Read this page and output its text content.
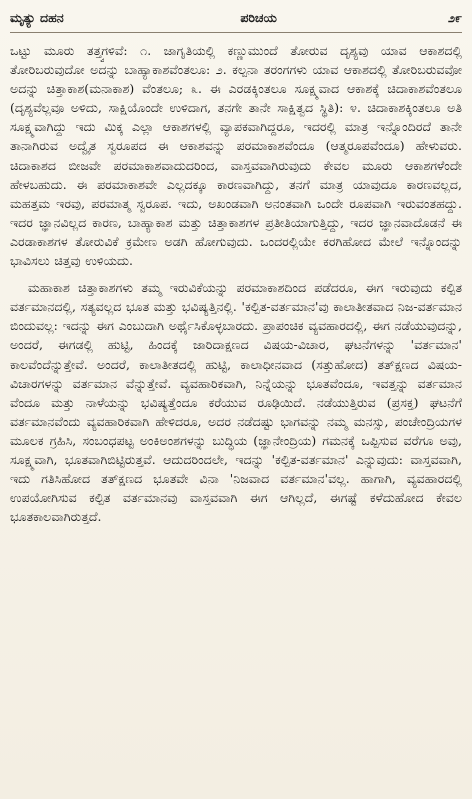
ಮೃತ್ಯು ದಹನ	ಪರಿಚಯ	೨೯

ಒಟ್ಟು ಮೂರು ತತ್ತ್ವಗಳಿವೆ: ೧. ಜಾಗೃತಿಯಲ್ಲಿ ಕಣ್ಣುಮುಂದೆ ತೋರುವ ದೃಶ್ಯವು ಯಾವ ಆಕಾಶದಲ್ಲಿ ತೋರಿಬರುವುದೋ ಅದನ್ನು ಬಾಹ್ಯಾಕಾಶವೆಂತಲೂ: ೨. ಕಲ್ಪನಾ ತರಂಗಗಳು ಯಾವ ಆಕಾಶದಲ್ಲಿ ತೋರಿಬರುವವೋ ಅದನ್ನು ಚಿತ್ತಾಕಾಶ(ಮನಾಕಾಶ) ವೆಂತಲೂ; ೩. ಈ ಎರಡಕ್ಕಿಂತಲೂ ಸೂಕ್ಷ್ಮವಾದ ಆಕಾಶಕ್ಕೆ ಚಿದಾಕಾಶವೆಂತಲೂ (ದೃಶ್ಯವೆಲ್ಲವೂ ಅಳಿದು, ಸಾಕ್ಷಿಯೊಂದೇ ಉಳಿದಾಗ, ತನಗೇ ತಾನೇ ಸಾಕ್ಷಿತ್ವದ ಸ್ಥಿತಿ): ೪. ಚಿದಾಕಾಶಕ್ಕಿಂತಲೂ ಅತಿ ಸೂಕ್ಷ್ಮವಾಗಿದ್ದು ಇದು ಮಿಕ್ಕ ಎಲ್ಲಾ ಆಕಾಶಗಳಲ್ಲಿ ವ್ಯಾಪಕವಾಗಿದ್ದರೂ, ಇದರಲ್ಲಿ ಮಾತ್ರ ಇನ್ನೊಂದಿರದೆ ತಾನೇ ತಾನಾಗಿರುವ ಅದ್ವೈತ ಸ್ವರೂಪದ ಈ ಆಕಾಶವನ್ನು ಪರಮಾಕಾಶವೆಂದೂ (ಆತ್ಮರೂಪವೆಂದೂ) ಹೇಳುವರು. ಚಿದಾಕಾಶದ ಬೀಜವೇ ಪರಮಾಕಾಶವಾದುದರಿಂದ, ವಾಸ್ತವವಾಗಿರುವುದು ಕೇವಲ ಮೂರು ಆಕಾಶಗಳೆಂದೇ ಹೇಳಬಹುದು. ಈ ಪರಮಾಕಾಶವೇ ಎಲ್ಲದಕ್ಕೂ ಕಾರಣವಾಗಿದ್ದು, ತನಗೆ ಮಾತ್ರ ಯಾವುದೂ ಕಾರಣವಲ್ಲದ, ಮಹತ್ತಮ ಇರವು, ಪರಮಾತ್ಮ ಸ್ವರೂಪ. ಇದು, ಅಖಂಡವಾಗಿ ಅನಂತವಾಗಿ ಒಂದೇ ರೂಪವಾಗಿ ಇರುವಂತಹದ್ದು. ಇದರ ಜ್ಞಾನವಿಲ್ಲದ ಕಾರಣ, ಬಾಹ್ಯಾಕಾಶ ಮತ್ತು ಚಿತ್ತಾಕಾಶಗಳ ಪ್ರತೀತಿಯಾಗುತ್ತಿದ್ದು, ಇದರ ಜ್ಞಾನವಾದೊಡನೆ ಈ ಎರಡಾಕಾಶಗಳ ತೋರುವಿಕೆ ಕ್ರಮೇಣ ಅಡಗಿ ಹೋಗುವುದು. ಒಂದರಲ್ಲಿಯೇ ಕರಗಿಹೋದ ಮೇಲೆ ಇನ್ನೊಂದನ್ನು ಭಾವಿಸಲು ಚಿತ್ತವು ಉಳಿಯದು.

ಮಹಾಕಾಶ ಚಿತ್ತಾಕಾಶಗಳು ತಮ್ಮ ಇರುವಿಕೆಯನ್ನು ಪರಮಾಕಾಶದಿಂದ ಪಡೆದರೂ, ಈಗ ಇರುವುದು ಕಲ್ಪಿತ ವರ್ತಮಾನದಲ್ಲಿ, ಸತ್ಯವಲ್ಲದ ಭೂತ ಮತ್ತು ಭವಿಷ್ಯತ್ತಿನಲ್ಲಿ. 'ಕಲ್ಪಿತ-ವರ್ತಮಾನ'ವು ಕಾಲಾತೀತವಾದ ನಿಜ-ವರ್ತಮಾನ ಬಿಂದುವಲ್ಲ: ಇದನ್ನು ಈಗ ಎಂಬುದಾಗಿ ಅರ್ಥೈಸಿಕೊಳ್ಳಬಾರದು. ಪ್ರಾಪಂಚಿಕ ವ್ಯವಹಾರದಲ್ಲಿ, ಈಗ ನಡೆಯುವುದನ್ನು, ಅಂದರೆ, ಈಗಡಲ್ಲಿ ಹುಟ್ಟಿ, ಹಿಂದಕ್ಕೆ ಜಾರಿದಾಕ್ಷಣದ ವಿಷಯ-ವಿಚಾರ, ಘಟನೆಗಳನ್ನು 'ವರ್ತಮಾನ' ಕಾಲವೆಂದೆನ್ನುತ್ತೇವೆ. ಅಂದರೆ, ಕಾಲಾತೀತದಲ್ಲಿ ಹುಟ್ಟಿ, ಕಾಲಾಧೀನವಾದ (ಸತ್ತುಹೋದ) ತತ್‌ಕ್ಷಣದ ವಿಷಯ-ವಿಚಾರಗಳನ್ನು ವರ್ತಮಾನ ವೆನ್ನುತ್ತೇವೆ. ವ್ಯವಹಾರಿಕವಾಗಿ, ನಿನ್ನೆಯನ್ನು ಭೂತವೆಂದೂ, ಇವತ್ತನ್ನು ವರ್ತಮಾನ ವೆಂದೂ ಮತ್ತು ನಾಳೆಯನ್ನು ಭವಿಷ್ಯತ್ತೆಂದೂ ಕರೆಯುವ ರೂಢಿಯಿದೆ. ನಡೆಯುತ್ತಿರುವ (ಪ್ರಸಕ್ತ) ಘಟನೆಗೆ ವರ್ತಮಾನವೆಂದು ವ್ಯವಹಾರಿಕವಾಗಿ ಹೇಳಿದರೂ, ಅದರ ನಡೆದಷ್ಟು ಭಾಗವನ್ನು ನಮ್ಮ ಮನಸ್ಸು, ಪಂಚೇಂದ್ರಿಯಗಳ ಮೂಲಕ ಗ್ರಹಿಸಿ, ಸಂಬಂಧಪಟ್ಟ ಅಂಕಿಅಂಶಗಳನ್ನು ಬುದ್ಧಿಯ (ಜ್ಞಾನೇಂದ್ರಿಯ) ಗಮನಕ್ಕೆ ಒಪ್ಪಿಸುವ ವರೆಗೂ ಅವು, ಸೂಕ್ಷ್ಮವಾಗಿ, ಭೂತವಾಗಿಬಿಟ್ಟಿರುತ್ತವೆ. ಆದುದರಿಂದಲೇ, ಇದನ್ನು 'ಕಲ್ಪಿತ-ವರ್ತಮಾನ' ಎನ್ನುವುದು: ವಾಸ್ತವವಾಗಿ, ಇದು ಗತಿಸಿಹೋದ ತತ್‌ಕ್ಷಣದ ಭೂತವೇ ವಿನಾ 'ನಿಜವಾದ ವರ್ತಮಾನ'ವಲ್ಲ. ಹಾಗಾಗಿ, ವ್ಯವಹಾರದಲ್ಲಿ ಉಪಯೋಗಿಸುವ ಕಲ್ಪಿತ ವರ್ತಮಾನವು ವಾಸ್ತವವಾಗಿ ಈಗ ಆಗಿಲ್ಲದೆ, ಈಗಷ್ಟೆ ಕಳೆದುಹೋದ ಕೇವಲ ಭೂತಕಾಲವಾಗಿರುತ್ತದೆ.
